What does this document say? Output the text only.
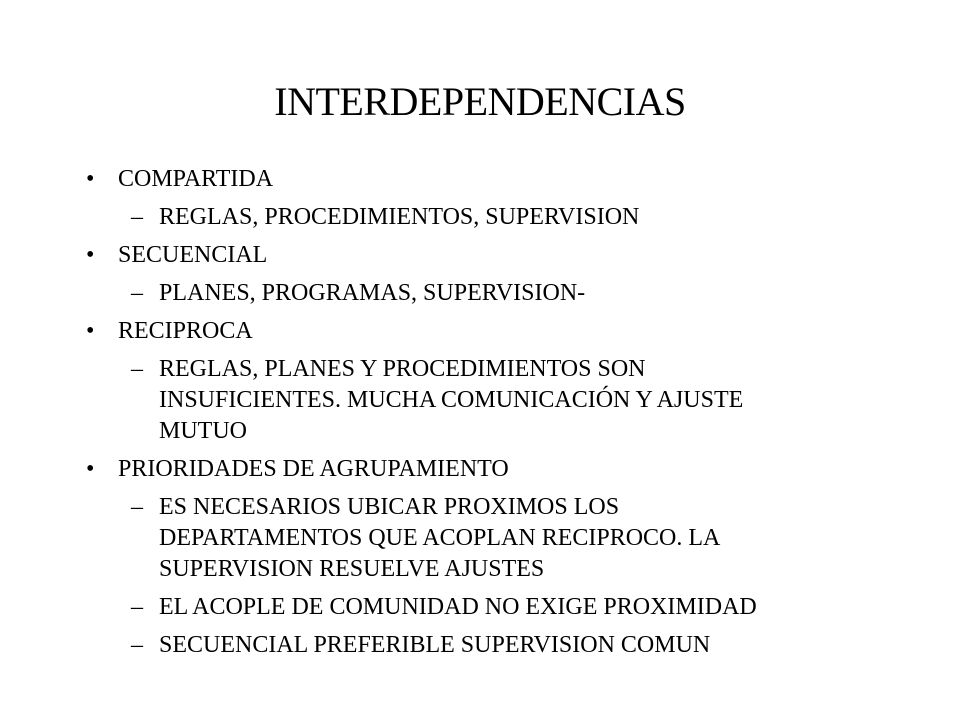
INTERDEPENDENCIAS
• COMPARTIDA
– REGLAS, PROCEDIMIENTOS, SUPERVISION
• SECUENCIAL
– PLANES, PROGRAMAS, SUPERVISION-
• RECIPROCA
– REGLAS, PLANES Y PROCEDIMIENTOS SON
INSUFICIENTES. MUCHA COMUNICACIÓN Y AJUSTE
MUTUO
• PRIORIDADES DE AGRUPAMIENTO
– ES NECESARIOS UBICAR PROXIMOS LOS
DEPARTAMENTOS QUE ACOPLAN RECIPROCO. LA
SUPERVISION RESUELVE AJUSTES
– EL ACOPLE DE COMUNIDAD NO EXIGE PROXIMIDAD
– SECUENCIAL PREFERIBLE SUPERVISION COMUN
